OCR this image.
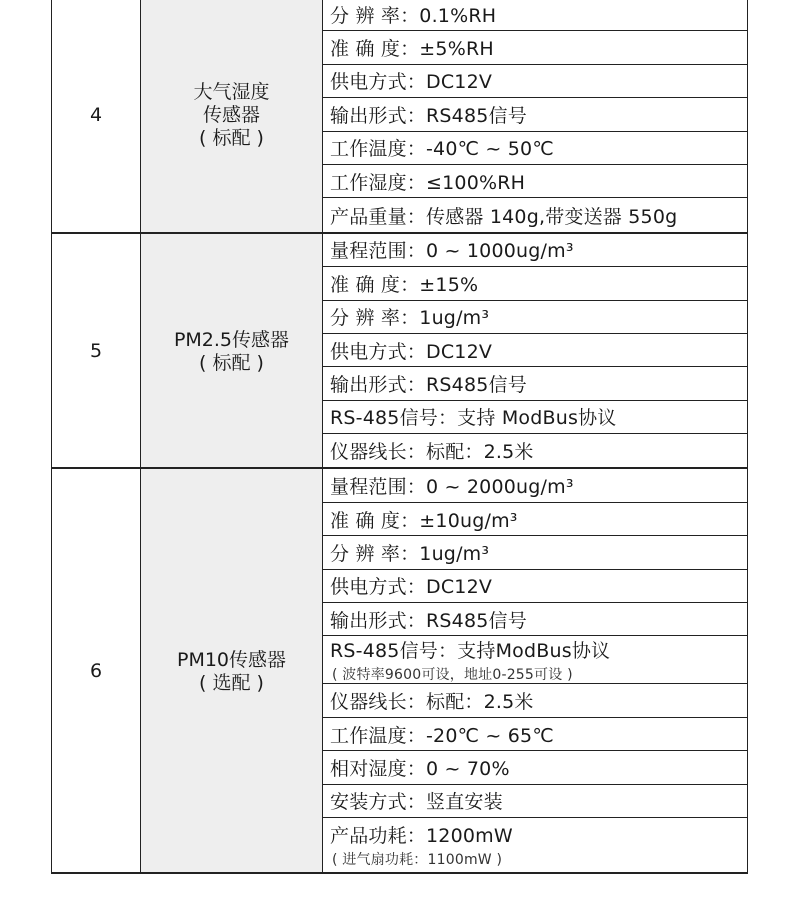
4
大气湿度
传感器
( 标配 )
分 辨 率：0.1%RH
准 确 度：±5%RH
供电方式：DC12V
输出形式：RS485信号
工作温度：-40℃ ~ 50℃
工作湿度：≤100%RH
产品重量：传感器 140g,带变送器 550g
5	PM2.5传感器
( 标配 )
量程范围：0 ~ 1000ug/m³
准 确 度：±15%
分 辨 率：1ug/m³
供电方式：DC12V
输出形式：RS485信号
RS-485信号：支持 ModBus协议
仪器线长：标配：2.5米
6	PM10传感器
( 选配 )
量程范围：0 ~ 2000ug/m³
准 确 度：±10ug/m³
分 辨 率：1ug/m³
供电方式：DC12V
输出形式：RS485信号
RS-485信号：支持ModBus协议
( 波特率9600可设，地址0-255可设 )
仪器线长：标配：2.5米
工作温度：-20℃ ~ 65℃
相对湿度：0 ~ 70%
安装方式：竖直安装
产品功耗：1200mW
( 进气扇功耗：1100mW )
